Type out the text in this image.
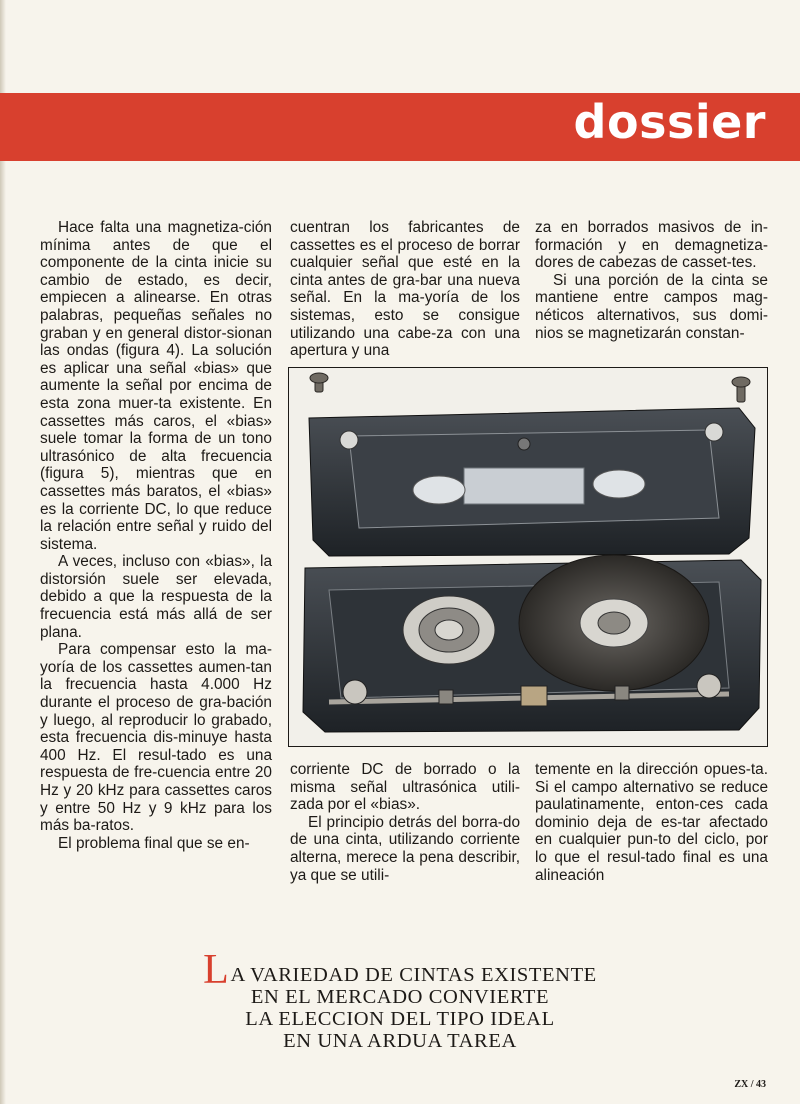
dossier

Hace falta una magnetiza-ción mínima antes de que el componente de la cinta inicie su cambio de estado, es decir, empiecen a alinearse. En otras palabras, pequeñas señales no graban y en general distor-sionan las ondas (figura 4). La solución es aplicar una señal «bias» que aumente la señal por encima de esta zona muer-ta existente. En cassettes más caros, el «bias» suele tomar la forma de un tono ultrasónico de alta frecuencia (figura 5), mientras que en cassettes más baratos, el «bias» es la corriente DC, lo que reduce la relación entre señal y ruido del sistema.

A veces, incluso con «bias», la distorsión suele ser elevada, debido a que la respuesta de la frecuencia está más allá de ser plana.

Para compensar esto la ma-yoría de los cassettes aumen-tan la frecuencia hasta 4.000 Hz durante el proceso de gra-bación y luego, al reproducir lo grabado, esta frecuencia dis-minuye hasta 400 Hz. El resul-tado es una respuesta de fre-cuencia entre 20 Hz y 20 kHz para cassettes caros y entre 50 Hz y 9 kHz para los más ba-ratos.

El problema final que se en-

cuentran los fabricantes de cassettes es el proceso de borrar cualquier señal que esté en la cinta antes de gra-bar una nueva señal. En la ma-yoría de los sistemas, esto se consigue utilizando una cabe-za con una apertura y una

za en borrados masivos de in-formación y en demagnetiza-dores de cabezas de casset-tes.

Si una porción de la cinta se mantiene entre campos mag-néticos alternativos, sus domi-nios se magnetizarán constan-

corriente DC de borrado o la misma señal ultrasónica utili-zada por el «bias».

El principio detrás del borra-do de una cinta, utilizando corriente alterna, merece la pena describir, ya que se utili-

temente en la dirección opues-ta. Si el campo alternativo se reduce paulatinamente, enton-ces cada dominio deja de es-tar afectado en cualquier pun-to del ciclo, por lo que el resul-tado final es una alineación

LA VARIEDAD DE CINTAS EXISTENTE
EN EL MERCADO CONVIERTE
LA ELECCION DEL TIPO IDEAL
EN UNA ARDUA TAREA
ZX / 43
